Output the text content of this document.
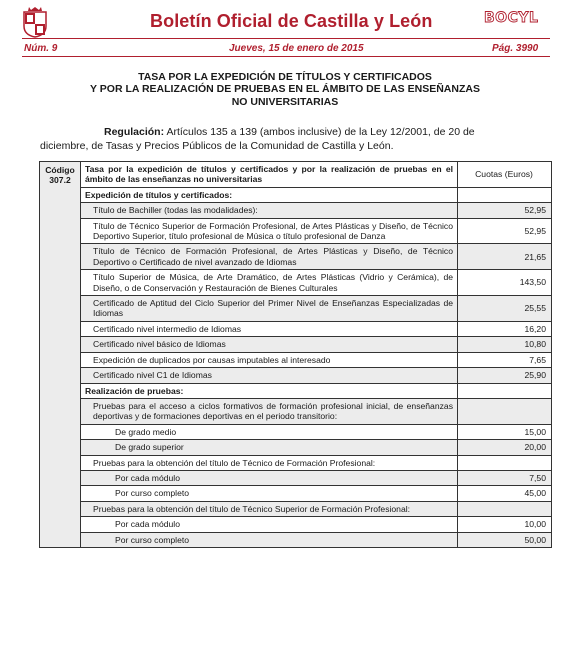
Boletín Oficial de Castilla y León	BOCYL
Núm. 9	Jueves, 15 de enero de 2015	Pág. 3990
TASA POR LA EXPEDICIÓN DE TÍTULOS Y CERTIFICADOS
Y POR LA REALIZACIÓN DE PRUEBAS EN EL ÁMBITO DE LAS ENSEÑANZAS
NO UNIVERSITARIAS
Regulación: Artículos 135 a 139 (ambos inclusive) de la Ley 12/2001, de 20 de
diciembre, de Tasas y Precios Públicos de la Comunidad de Castilla y León.
Código
307.2	Tasa por la expedición de títulos y certificados y por la realización de pruebas en el ámbito de las enseñanzas no universitarias	Cuotas (Euros)
	Expedición de títulos y certificados:	
	Título de Bachiller (todas las modalidades):	52,95
	Título de Técnico Superior de Formación Profesional, de Artes Plásticas y Diseño, de Técnico Deportivo Superior, título profesional de Música o título profesional de Danza	52,95
	Título de Técnico de Formación Profesional, de Artes Plásticas y Diseño, de Técnico Deportivo o Certificado de nivel avanzado de Idiomas	21,65
	Título Superior de Música, de Arte Dramático, de Artes Plásticas (Vidrio y Cerámica), de Diseño, o de Conservación y Restauración de Bienes Culturales	143,50
	Certificado de Aptitud del Ciclo Superior del Primer Nivel de Enseñanzas Especializadas de Idiomas	25,55
	Certificado nivel intermedio de Idiomas	16,20
	Certificado nivel básico de Idiomas	10,80
	Expedición de duplicados por causas imputables al interesado	7,65
	Certificado nivel C1 de Idiomas	25,90
	Realización de pruebas:	
	Pruebas para el acceso a ciclos formativos de formación profesional inicial, de enseñanzas deportivas y de formaciones deportivas en el periodo transitorio:	
	De grado medio	15,00
	De grado superior	20,00
	Pruebas para la obtención del título de Técnico de Formación Profesional:	
	Por cada módulo	7,50
	Por curso completo	45,00
	Pruebas para la obtención del título de Técnico Superior de Formación Profesional:	
	Por cada módulo	10,00
	Por curso completo	50,00
